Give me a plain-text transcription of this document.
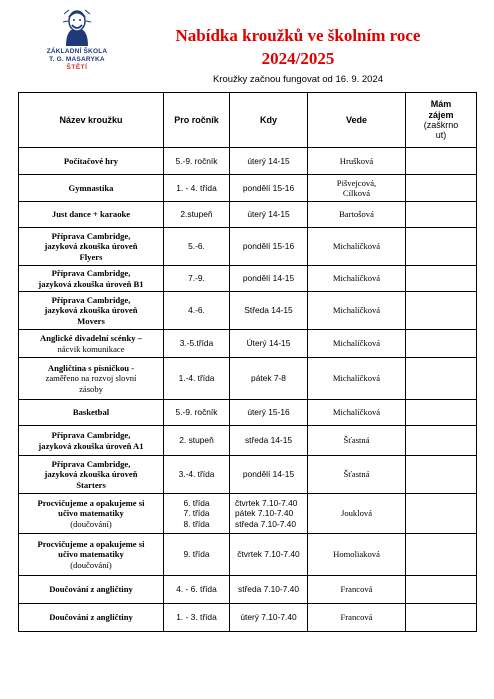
ZÁKLADNÍ ŠKOLA
T. G. MASARYKA
ŠTĚTÍ
Nabídka kroužků ve školním roce
2024/2025
Kroužky začnou fungovat od 16. 9. 2024
Název kroužku	Pro ročník	Kdy	Vede	Mám
zájem
(zaškrno
ut)

Počítačové hry	5.-9. ročník	úterý 14-15	Hrušková	

Gymnastika	1. - 4. třída	pondělí 15-16	Pišvejcová,
Cílková	

Just dance + karaoke	2.stupeň	úterý 14-15	Bartošová	

Příprava Cambridge,
jazyková zkouška úroveň
Flyers	5.-6.	pondělí 15-16	Michalíčková	

Příprava Cambridge,
jazyková zkouška úroveň B1	7.-9.	pondělí 14-15	Michalíčková	

Příprava Cambridge,
jazyková zkouška úroveň
Movers	4.-6.	Středa 14-15	Michalíčková	

Anglické divadelní scénky –
nácvik komunikace	3.-5.třída	Úterý 14-15	Michalíčková	

Angličtina s písničkou -
zaměřeno na rozvoj slovní
zásoby	1.-4. třída	pátek 7-8	Michalíčková	

Basketbal	5.-9. ročník	úterý 15-16	Michalíčková	

Příprava Cambridge,
jazyková zkouška úroveň A1	2. stupeň	středa 14-15	Šťastná	

Příprava Cambridge,
jazyková zkouška úroveň
Starters	3.-4. třída	pondělí 14-15	Šťastná	

Procvičujeme a opakujeme si
učivo matematiky
(doučování)	6. třída
7. třída
8. třída	čtvrtek 7.10-7.40
pátek 7.10-7.40
středa 7.10-7.40	Jouklová	

Procvičujeme a opakujeme si
učivo matematiky
(doučování)	9. třída	čtvrtek 7.10-7.40	Homoliaková	

Doučování z angličtiny	4. - 6. třída	středa 7.10-7.40	Francová	

Doučování z angličtiny	1. - 3. třída	úterý 7.10-7.40	Francová	
